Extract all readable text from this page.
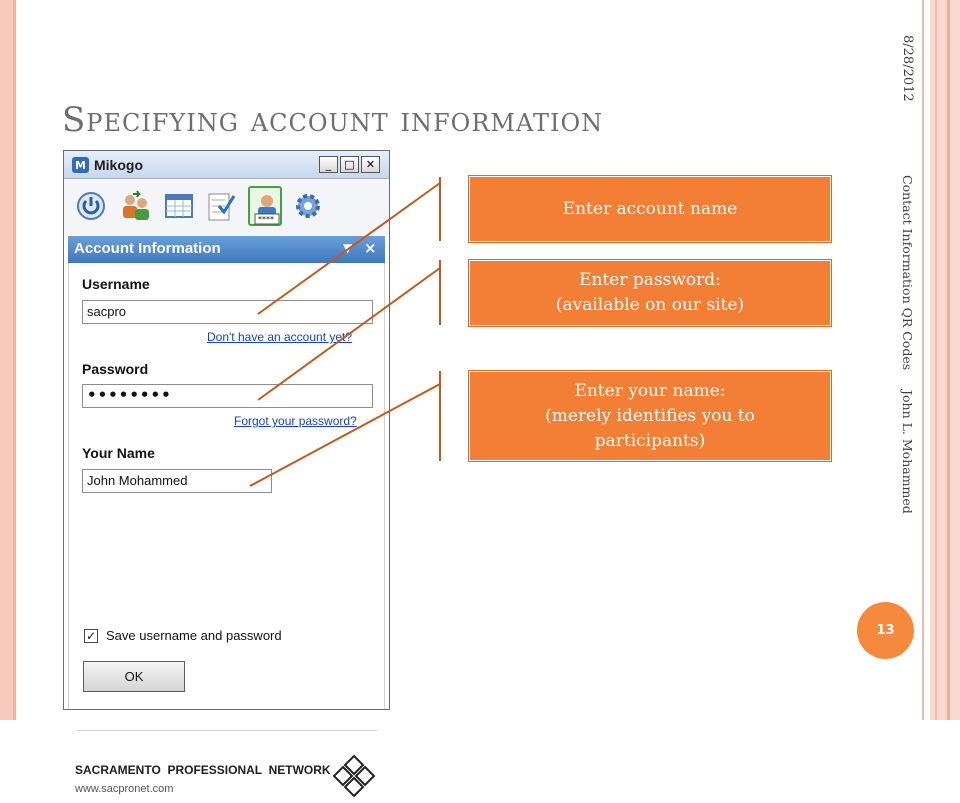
Specifying account information
8/28/2012
Contact Information QR Codes     John L. Mohammed
13
M Mikogo	_	□	✕
****
Account Information	▼ ×
Username
sacpro
Don't have an account yet?
Password
••••••••
Forgot your password?
Your Name
John Mohammed
✓ Save username and password
OK
SACRAMENTO  PROFESSIONAL  NETWORK
www.sacpronet.com
Enter account name
Enter password:
(available on our site)
Enter your name:
(merely identifies you to
participants)
